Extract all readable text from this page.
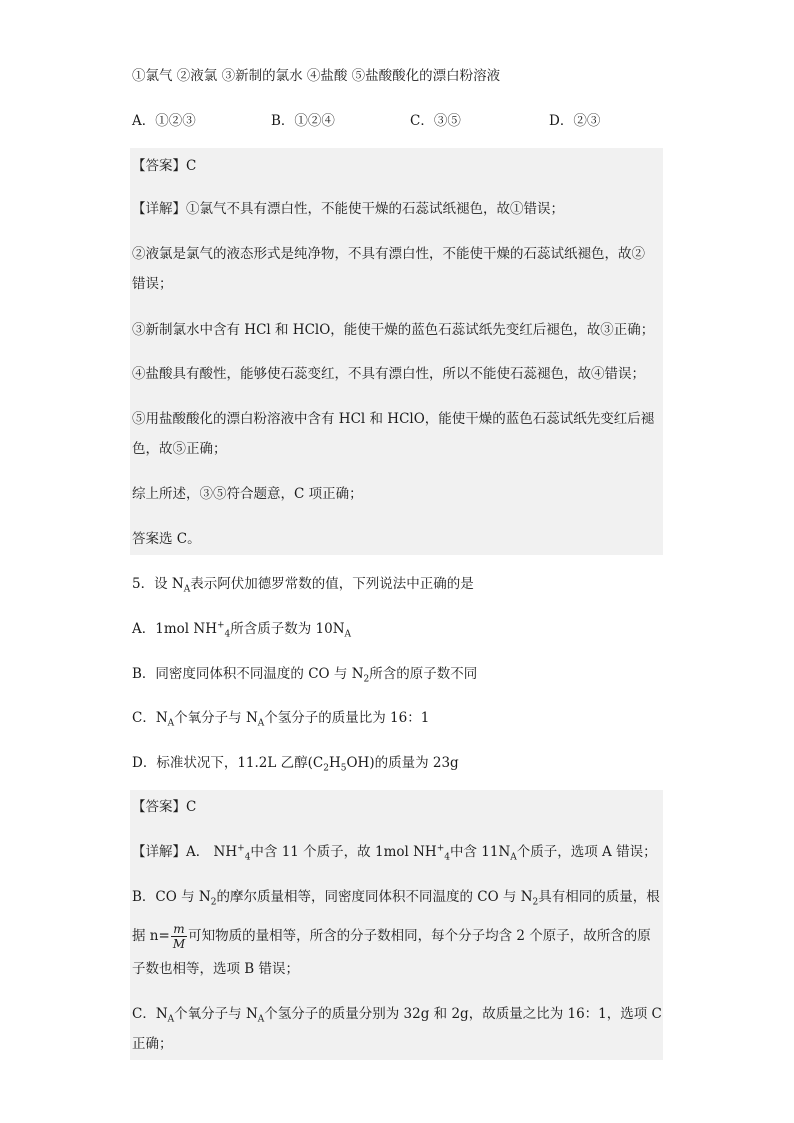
①氯气 ②液氯 ③新制的氯水 ④盐酸 ⑤盐酸酸化的漂白粉溶液
A．①②③	B．①②④	C．③⑤	D．②③
【答案】C
【详解】①氯气不具有漂白性，不能使干燥的石蕊试纸褪色，故①错误；
②液氯是氯气的液态形式是纯净物，不具有漂白性，不能使干燥的石蕊试纸褪色，故②
错误；
③新制氯水中含有 HCl 和 HClO，能使干燥的蓝色石蕊试纸先变红后褪色，故③正确；
④盐酸具有酸性，能够使石蕊变红，不具有漂白性，所以不能使石蕊褪色，故④错误；
⑤用盐酸酸化的漂白粉溶液中含有 HCl 和 HClO，能使干燥的蓝色石蕊试纸先变红后褪
色，故⑤正确；
综上所述，③⑤符合题意，C 项正确；
答案选 C。
5．设 $N_A$表示阿伏加德罗常数的值，下列说法中正确的是
A．1mol $NH^+_4$所含质子数为 $10N_A$
B．同密度同体积不同温度的 CO 与 $N_2$所含的原子数不同
C．$N_A$个氧分子与 $N_A$个氢分子的质量比为 16：1
D．标准状况下，11.2L 乙醇$(C_2H_5OH)$的质量为 23g
【答案】C
【详解】A． $NH^+_4$中含 11 个质子，故 1mol $NH^+_4$中含 $11N_A$个质子，选项 A 错误；
B．CO 与 $N_2$的摩尔质量相等，同密度同体积不同温度的 CO 与 $N_2$具有相同的质量，根
据 $n= \frac{m}{M}$ 可知物质的量相等，所含的分子数相同，每个分子均含 2 个原子，故所含的原
子数也相等，选项 B 错误；
C．$N_A$个氧分子与 $N_A$个氢分子的质量分别为 32g 和 2g，故质量之比为 16：1，选项 C
正确；
